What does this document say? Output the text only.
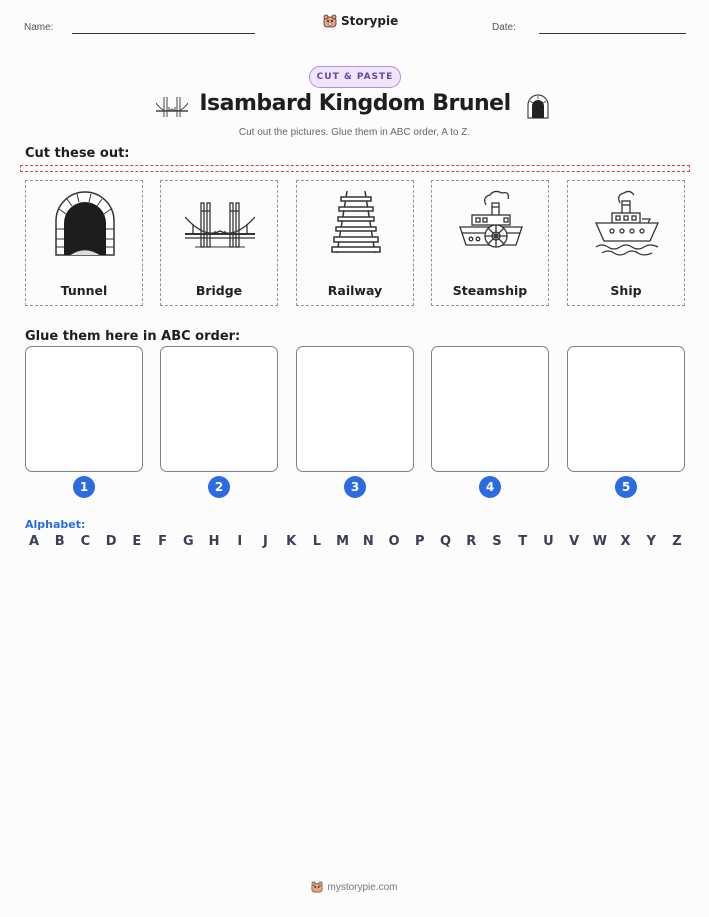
Name:	Storypie	Date:
CUT & PASTE
Isambard Kingdom Brunel
Cut out the pictures. Glue them in ABC order, A to Z.
Cut these out:
Tunnel	Bridge	Railway	Steamship	Ship
Glue them here in ABC order:
1	2	3	4	5
Alphabet:
A	B	C	D	E	F	G	H	I	J	K	L	M	N	O	P	Q	R	S	T	U	V	W	X	Y	Z
mystorypie.com
